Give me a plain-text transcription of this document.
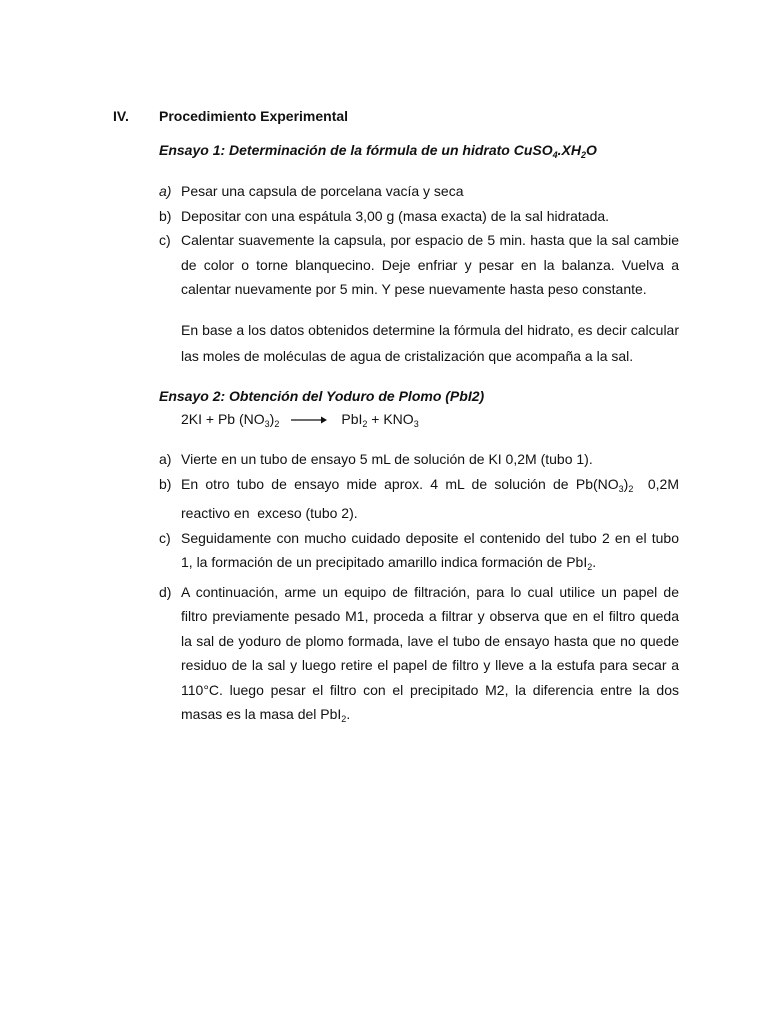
IV. Procedimiento Experimental
Ensayo 1: Determinación de la fórmula de un hidrato $CuSO_4.XH_2O$
a) Pesar una capsula de porcelana vacía y seca
b) Depositar con una espátula 3,00 g (masa exacta) de la sal hidratada.
c) Calentar suavemente la capsula, por espacio de 5 min. hasta que la sal cambie de color o torne blanquecino. Deje enfriar y pesar en la balanza. Vuelva a calentar nuevamente por 5 min. Y pese nuevamente hasta peso constante.

En base a los datos obtenidos determine la fórmula del hidrato, es decir calcular las moles de moléculas de agua de cristalización que acompaña a la sal.

Ensayo 2: Obtención del Yoduro de Plomo (PbI2)
2KI + Pb $(NO_3)_2 \to PbI_2 + KNO_3$
a) Vierte en un tubo de ensayo 5 mL de solución de KI 0,2M (tubo 1).
b) En otro tubo de ensayo mide aprox. 4 mL de solución de $Pb(NO_3)_2$  0,2M reactivo en  exceso (tubo 2).
c) Seguidamente con mucho cuidado deposite el contenido del tubo 2 en el tubo 1, la formación de un precipitado amarillo indica formación de PbI$_2$.
d) A continuación, arme un equipo de filtración, para lo cual utilice un papel de filtro previamente pesado M1, proceda a filtrar y observa que en el filtro queda la sal de yoduro de plomo formada, lave el tubo de ensayo hasta que no quede residuo de la sal y luego retire el papel de filtro y lleve a la estufa para secar a 110°C. luego pesar el filtro con el precipitado M2, la diferencia entre la dos masas es la masa del PbI$_2$.
